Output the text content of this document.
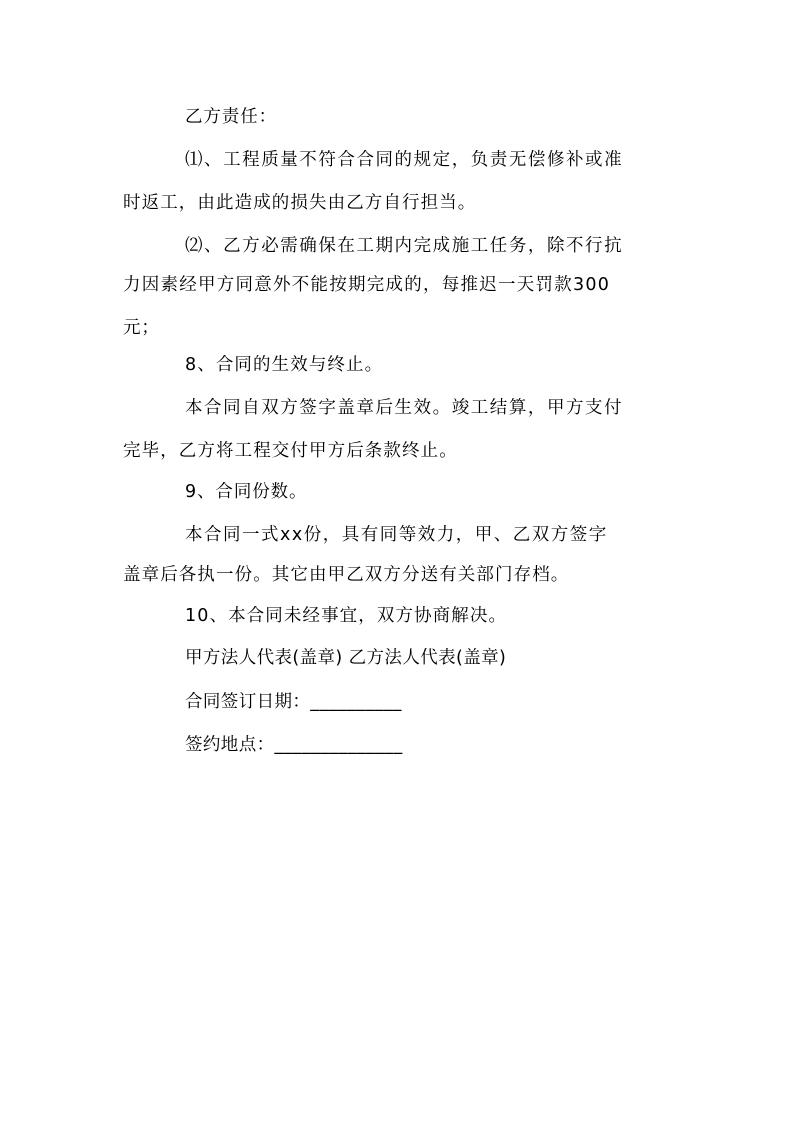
乙方责任：
⑴、工程质量不符合合同的规定，负责无偿修补或准
时返工，由此造成的损失由乙方自行担当。
⑵、乙方必需确保在工期内完成施工任务，除不行抗
力因素经甲方同意外不能按期完成的，每推迟一天罚款300
元；
8、合同的生效与终止。
本合同自双方签字盖章后生效。竣工结算，甲方支付
完毕，乙方将工程交付甲方后条款终止。
9、合同份数。
本合同一式xx份，具有同等效力，甲、乙双方签字
盖章后各执一份。其它由甲乙双方分送有关部门存档。
10、本合同未经事宜，双方协商解决。
甲方法人代表(盖章) 乙方法人代表(盖章)
合同签订日期：__________
签约地点：______________
